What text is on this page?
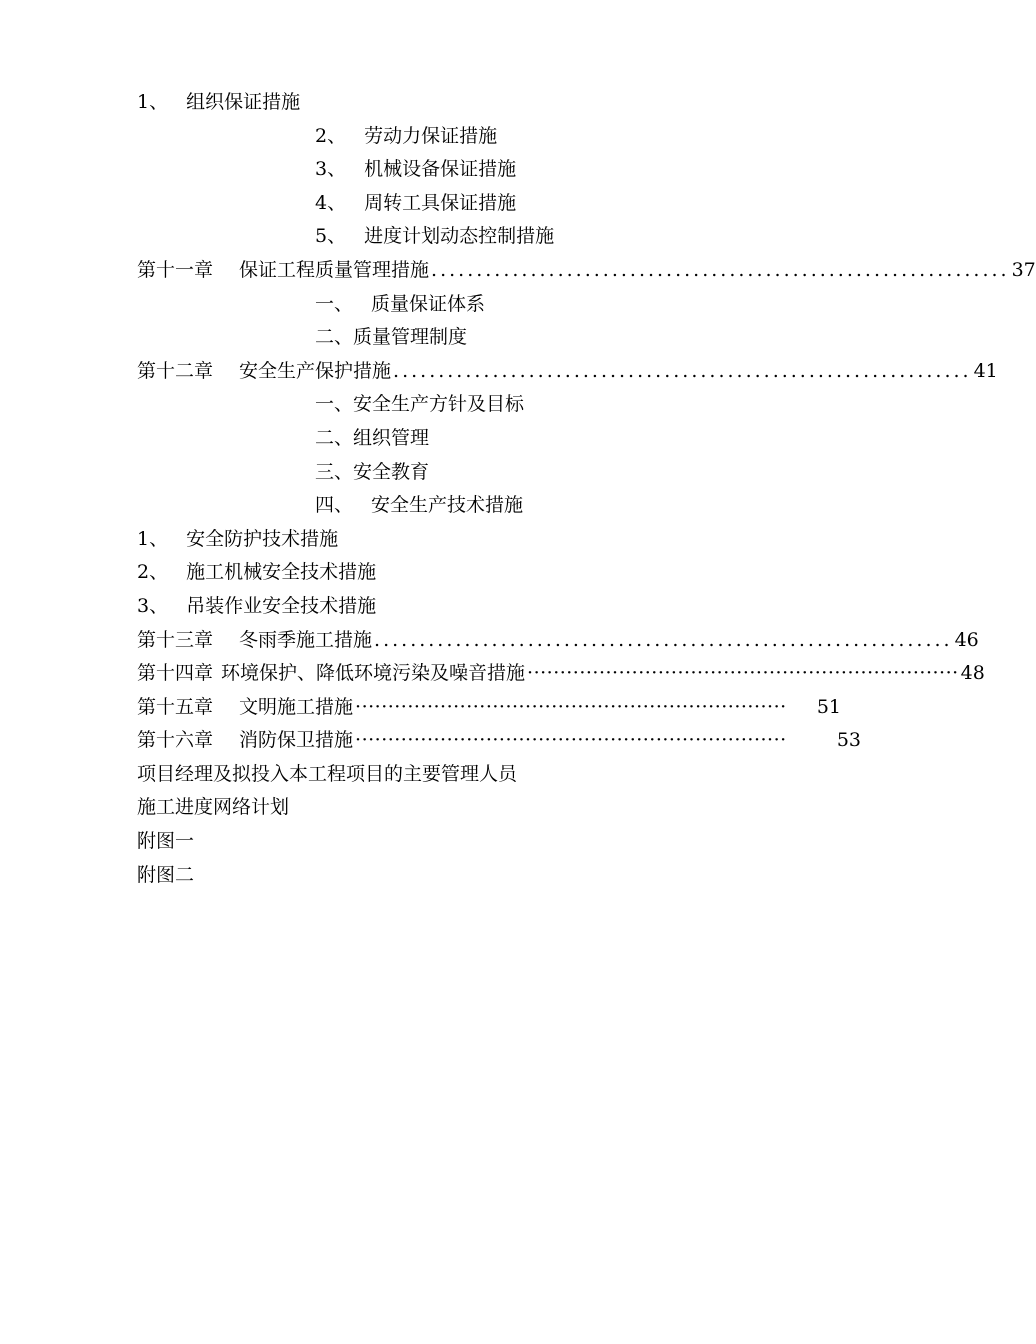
1、 组织保证措施
2、 劳动力保证措施
3、 机械设备保证措施
4、 周转工具保证措施
5、 进度计划动态控制措施
第十一章 保证工程质量管理措施 ................................................................ 37
一、 质量保证体系
二、质量管理制度
第十二章 安全生产保护措施 ................................................................ 41
一、安全生产方针及目标
二、组织管理
三、安全教育
四、 安全生产技术措施
1、 安全防护技术措施
2、 施工机械安全技术措施
3、 吊装作业安全技术措施
第十三章 冬雨季施工措施 ................................................................ 46
第十四章 环境保护、降低环境污染及噪音措施 ·································································· 48
第十五章 文明施工措施 ··································································	51
第十六章 消防保卫措施 ··································································	53
项目经理及拟投入本工程项目的主要管理人员
施工进度网络计划
附图一
附图二
